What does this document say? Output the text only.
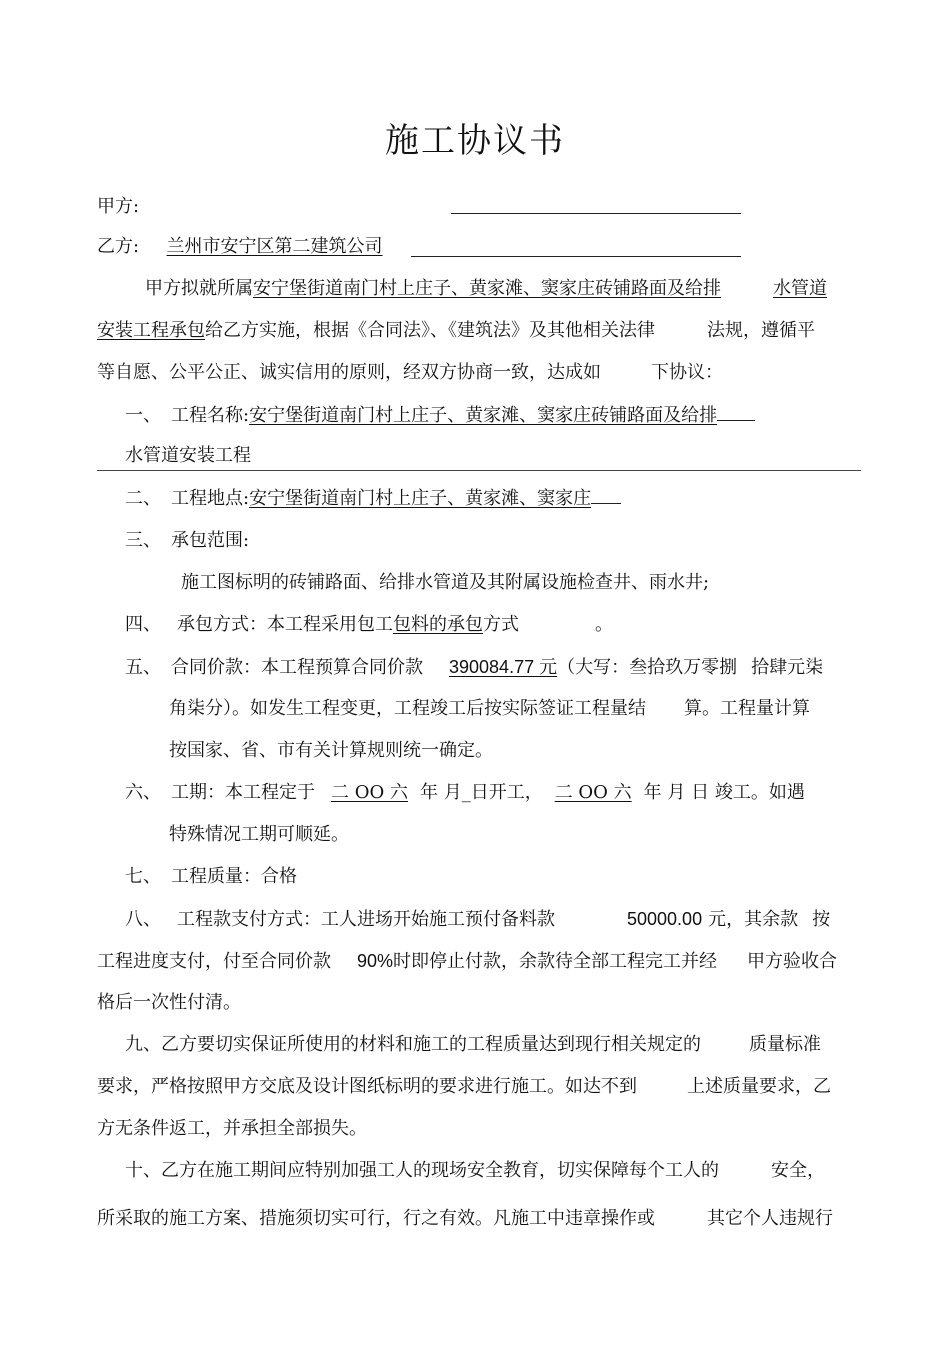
施工协议书
甲方:
乙方: 兰州市安宁区第二建筑公司
甲方拟就所属安宁堡街道南门村上庄子、黄家滩、窦家庄砖铺路面及给排	水管道
安装工程承包给乙方实施，根据《合同法》、《建筑法》及其他相关法律	法规，遵循平
等自愿、公平公正、诚实信用的原则，经双方协商一致，达成如	下协议：
一、 工程名称:安宁堡街道南门村上庄子、黄家滩、窦家庄砖铺路面及给排
水管道安装工程
二、 工程地点:安宁堡街道南门村上庄子、黄家滩、窦家庄
三、 承包范围:
施工图标明的砖铺路面、给排水管道及其附属设施检查井、雨水井;
四、 承包方式：本工程采用包工包料的承包方式	。
五、 合同价款：本工程预算合同价款 390084.77 元（大写：叁拾玖万零捌 拾肆元柒
角柒分）。如发生工程变更，工程竣工后按实际签证工程量结 算。工程量计算
按国家、省、市有关计算规则统一确定。
六、 工期：本工程定于 二 OO 六 年 月_日开工， 二 OO 六 年 月 日 竣工。如遇
特殊情况工期可顺延。
七、 工程质量：合格
八、 工程款支付方式：工人进场开始施工预付备料款	50000.00 元，其余款 按
工程进度支付，付至合同价款 90%时即停止付款，余款待全部工程完工并经 甲方验收合
格后一次性付清。
九、乙方要切实保证所使用的材料和施工的工程质量达到现行相关规定的	质量标准
要求，严格按照甲方交底及设计图纸标明的要求进行施工。如达不到	上述质量要求，乙
方无条件返工，并承担全部损失。
十、乙方在施工期间应特别加强工人的现场安全教育，切实保障每个工人的	安全，
所采取的施工方案、措施须切实可行，行之有效。凡施工中违章操作或	其它个人违规行
